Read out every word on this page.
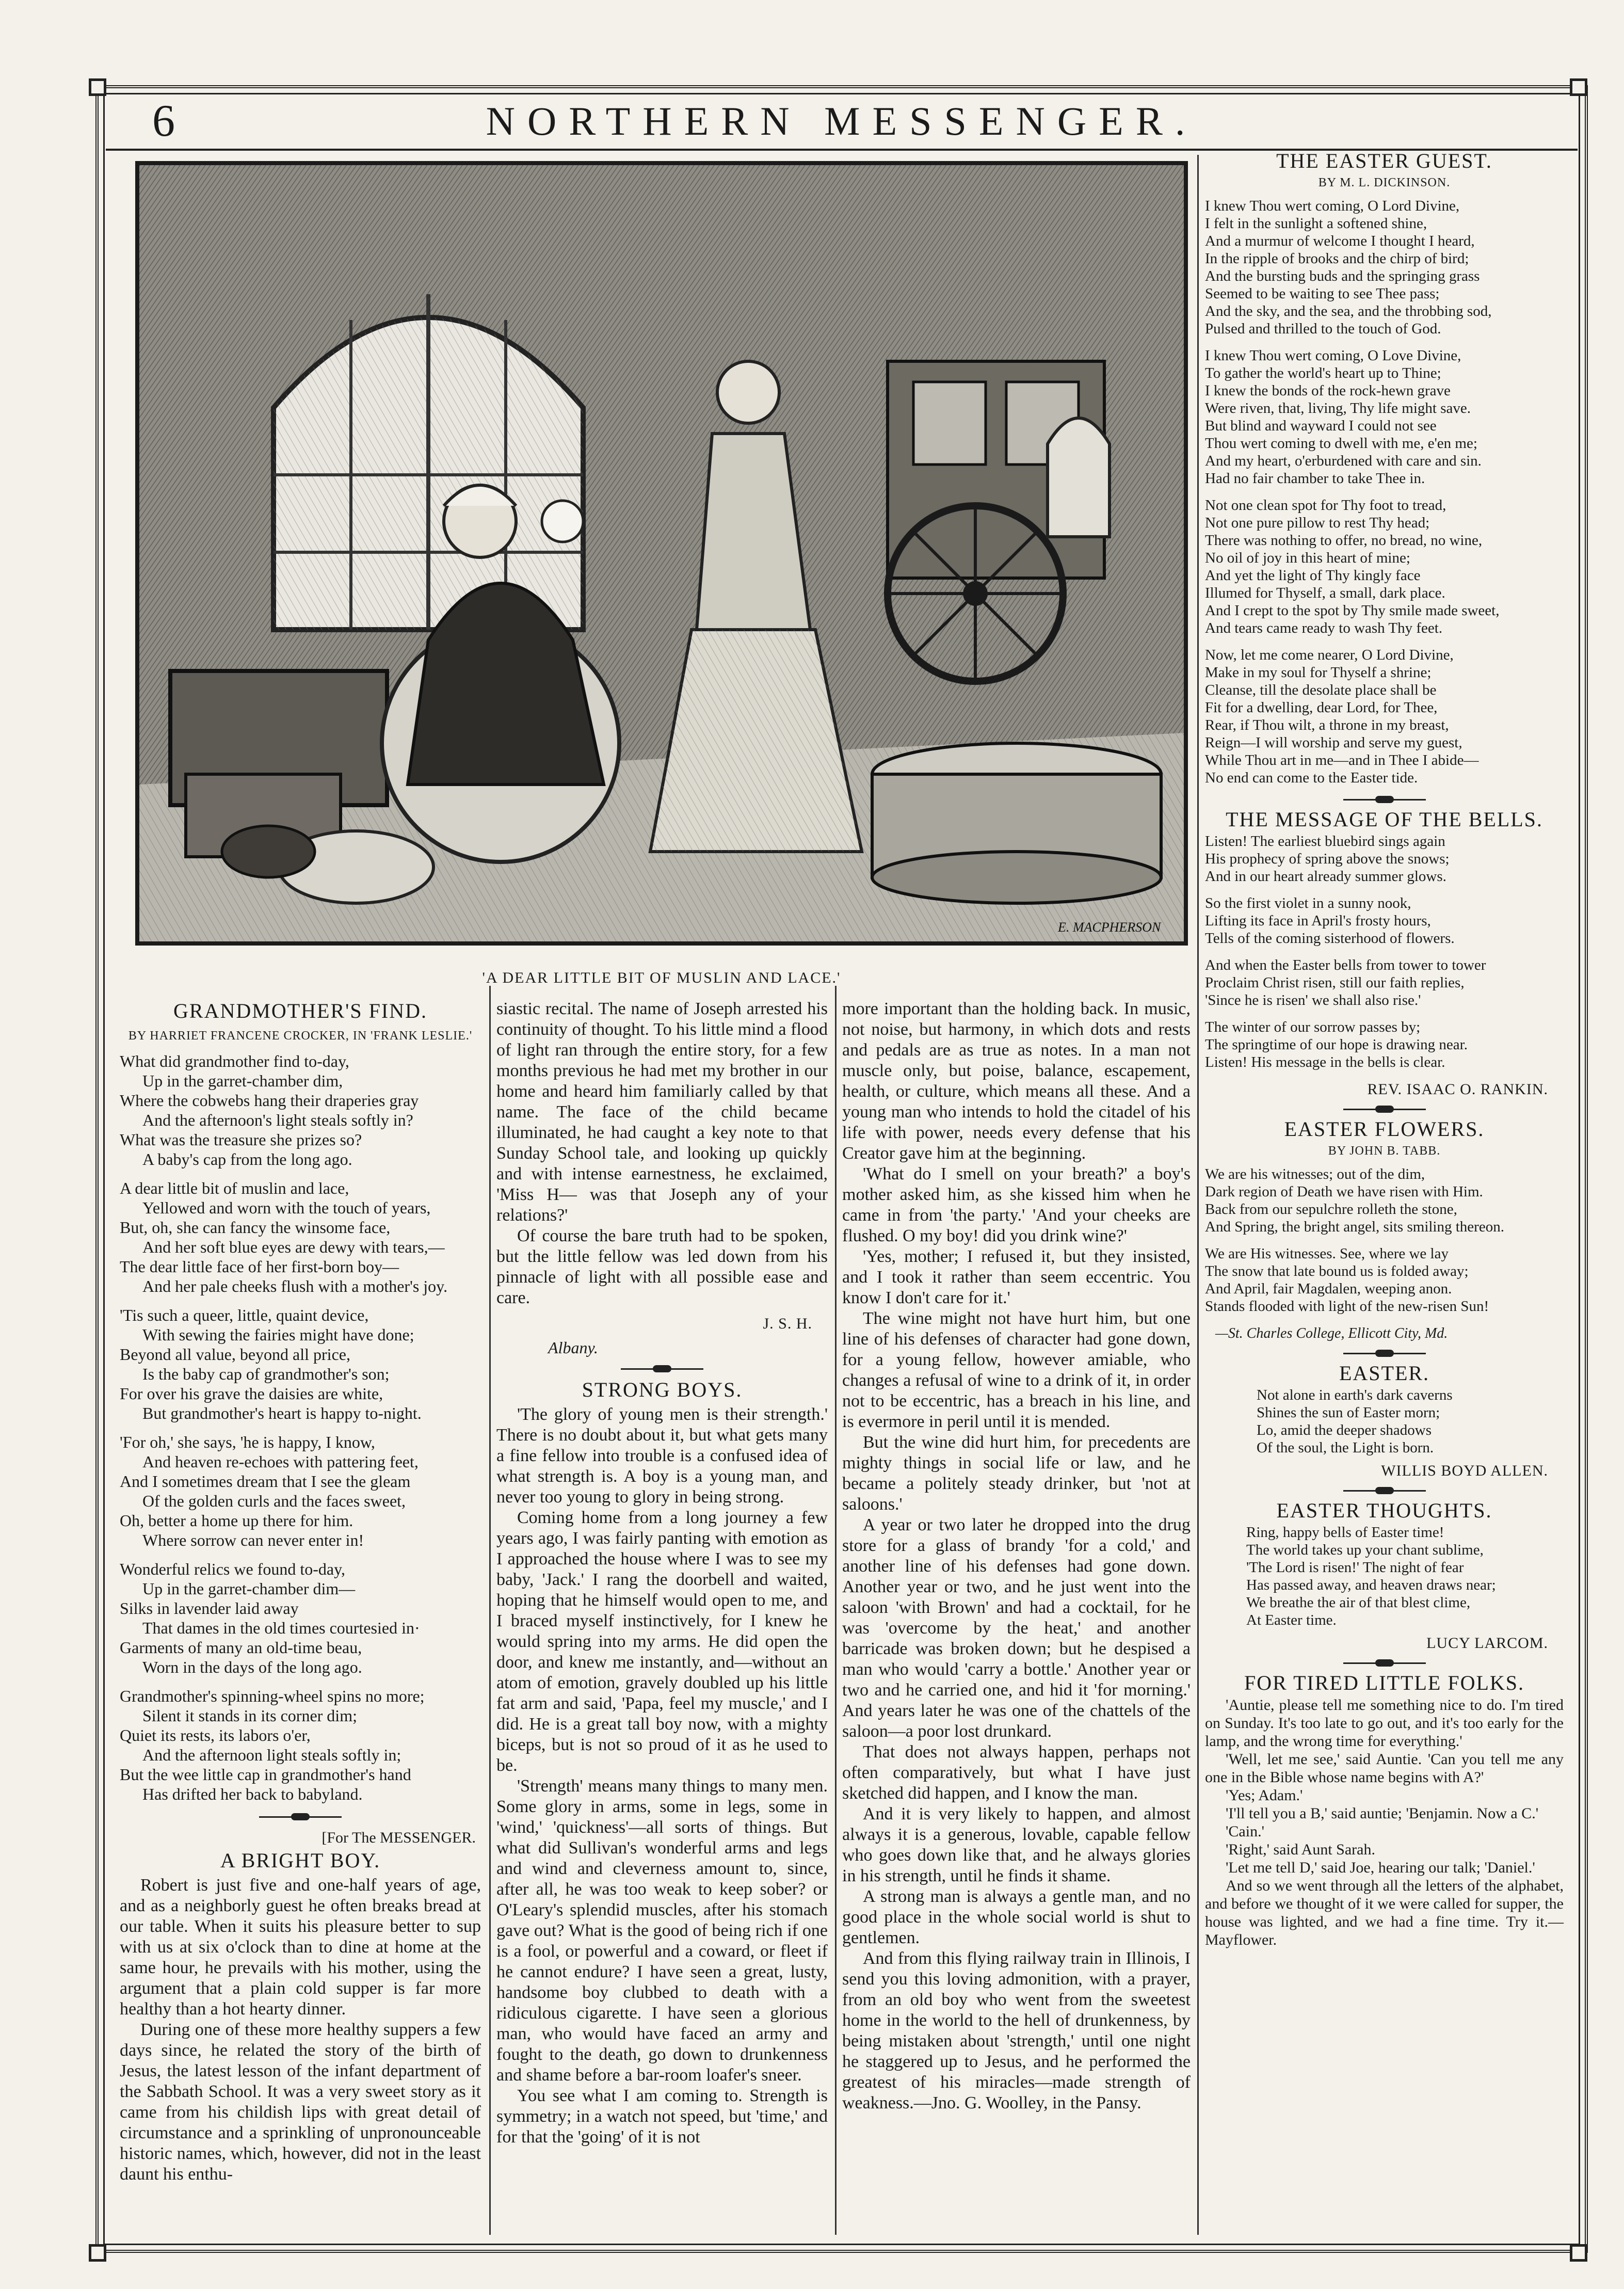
6	NORTHERN MESSENGER.
E. MACPHERSON
'A DEAR LITTLE BIT OF MUSLIN AND LACE.'
GRANDMOTHER'S FIND.
BY HARRIET FRANCENE CROCKER, IN 'FRANK LESLIE.'
What did grandmother find to-day,
Up in the garret-chamber dim,
Where the cobwebs hang their draperies gray
And the afternoon's light steals softly in?
What was the treasure she prizes so?
A baby's cap from the long ago.
A dear little bit of muslin and lace,
Yellowed and worn with the touch of years,
But, oh, she can fancy the winsome face,
And her soft blue eyes are dewy with tears,—
The dear little face of her first-born boy—
And her pale cheeks flush with a mother's joy.
'Tis such a queer, little, quaint device,
With sewing the fairies might have done;
Beyond all value, beyond all price,
Is the baby cap of grandmother's son;
For over his grave the daisies are white,
But grandmother's heart is happy to-night.
'For oh,' she says, 'he is happy, I know,
And heaven re-echoes with pattering feet,
And I sometimes dream that I see the gleam
Of the golden curls and the faces sweet,
Oh, better a home up there for him.
Where sorrow can never enter in!
Wonderful relics we found to-day,
Up in the garret-chamber dim—
Silks in lavender laid away
That dames in the old times courtesied in·
Garments of many an old-time beau,
Worn in the days of the long ago.
Grandmother's spinning-wheel spins no more;
Silent it stands in its corner dim;
Quiet its rests, its labors o'er,
And the afternoon light steals softly in;
But the wee little cap in grandmother's hand
Has drifted her back to babyland.
[For The MESSENGER.
A BRIGHT BOY.

Robert is just five and one-half years of age, and as a neighborly guest he often breaks bread at our table. When it suits his pleasure better to sup with us at six o'clock than to dine at home at the same hour, he prevails with his mother, using the argument that a plain cold supper is far more healthy than a hot hearty dinner.

During one of these more healthy suppers a few days since, he related the story of the birth of Jesus, the latest lesson of the infant department of the Sabbath School. It was a very sweet story as it came from his childish lips with great detail of circumstance and a sprinkling of unpronounceable historic names, which, however, did not in the least daunt his enthu-

siastic recital. The name of Joseph arrested his continuity of thought. To his little mind a flood of light ran through the entire story, for a few months previous he had met my brother in our home and heard him familiarly called by that name. The face of the child became illuminated, he had caught a key note to that Sunday School tale, and looking up quickly and with intense earnestness, he exclaimed, 'Miss H— was that Joseph any of your relations?'

Of course the bare truth had to be spoken, but the little fellow was led down from his pinnacle of light with all possible ease and care.

J. S. H.
Albany.
STRONG BOYS.

'The glory of young men is their strength.' There is no doubt about it, but what gets many a fine fellow into trouble is a confused idea of what strength is. A boy is a young man, and never too young to glory in being strong.

Coming home from a long journey a few years ago, I was fairly panting with emotion as I approached the house where I was to see my baby, 'Jack.' I rang the doorbell and waited, hoping that he himself would open to me, and I braced myself instinctively, for I knew he would spring into my arms. He did open the door, and knew me instantly, and—without an atom of emotion, gravely doubled up his little fat arm and said, 'Papa, feel my muscle,' and I did. He is a great tall boy now, with a mighty biceps, but is not so proud of it as he used to be.

'Strength' means many things to many men. Some glory in arms, some in legs, some in 'wind,' 'quickness'—all sorts of things. But what did Sullivan's wonderful arms and legs and wind and cleverness amount to, since, after all, he was too weak to keep sober? or O'Leary's splendid muscles, after his stomach gave out? What is the good of being rich if one is a fool, or powerful and a coward, or fleet if he cannot endure? I have seen a great, lusty, handsome boy clubbed to death with a ridiculous cigarette. I have seen a glorious man, who would have faced an army and fought to the death, go down to drunkenness and shame before a bar-room loafer's sneer.

You see what I am coming to. Strength is symmetry; in a watch not speed, but 'time,' and for that the 'going' of it is not

more important than the holding back. In music, not noise, but harmony, in which dots and rests and pedals are as true as notes. In a man not muscle only, but poise, balance, escapement, health, or culture, which means all these. And a young man who intends to hold the citadel of his life with power, needs every defense that his Creator gave him at the beginning.

'What do I smell on your breath?' a boy's mother asked him, as she kissed him when he came in from 'the party.' 'And your cheeks are flushed. O my boy! did you drink wine?'

'Yes, mother; I refused it, but they insisted, and I took it rather than seem eccentric. You know I don't care for it.'

The wine might not have hurt him, but one line of his defenses of character had gone down, for a young fellow, however amiable, who changes a refusal of wine to a drink of it, in order not to be eccentric, has a breach in his line, and is evermore in peril until it is mended.

But the wine did hurt him, for precedents are mighty things in social life or law, and he became a politely steady drinker, but 'not at saloons.'

A year or two later he dropped into the drug store for a glass of brandy 'for a cold,' and another line of his defenses had gone down. Another year or two, and he just went into the saloon 'with Brown' and had a cocktail, for he was 'overcome by the heat,' and another barricade was broken down; but he despised a man who would 'carry a bottle.' Another year or two and he carried one, and hid it 'for morning.' And years later he was one of the chattels of the saloon—a poor lost drunkard.

That does not always happen, perhaps not often comparatively, but what I have just sketched did happen, and I know the man.

And it is very likely to happen, and almost always it is a generous, lovable, capable fellow who goes down like that, and he always glories in his strength, until he finds it shame.

A strong man is always a gentle man, and no good place in the whole social world is shut to gentlemen.

And from this flying railway train in Illinois, I send you this loving admonition, with a prayer, from an old boy who went from the sweetest home in the world to the hell of drunkenness, by being mistaken about 'strength,' until one night he staggered up to Jesus, and he performed the greatest of his miracles—made strength of weakness.—Jno. G. Woolley, in the Pansy.

THE EASTER GUEST.
BY M. L. DICKINSON.
I knew Thou wert coming, O Lord Divine,
I felt in the sunlight a softened shine,
And a murmur of welcome I thought I heard,
In the ripple of brooks and the chirp of bird;
And the bursting buds and the springing grass
Seemed to be waiting to see Thee pass;
And the sky, and the sea, and the throbbing sod,
Pulsed and thrilled to the touch of God.
I knew Thou wert coming, O Love Divine,
To gather the world's heart up to Thine;
I knew the bonds of the rock-hewn grave
Were riven, that, living, Thy life might save.
But blind and wayward I could not see
Thou wert coming to dwell with me, e'en me;
And my heart, o'erburdened with care and sin.
Had no fair chamber to take Thee in.
Not one clean spot for Thy foot to tread,
Not one pure pillow to rest Thy head;
There was nothing to offer, no bread, no wine,
No oil of joy in this heart of mine;
And yet the light of Thy kingly face
Illumed for Thyself, a small, dark place.
And I crept to the spot by Thy smile made sweet,
And tears came ready to wash Thy feet.
Now, let me come nearer, O Lord Divine,
Make in my soul for Thyself a shrine;
Cleanse, till the desolate place shall be
Fit for a dwelling, dear Lord, for Thee,
Rear, if Thou wilt, a throne in my breast,
Reign—I will worship and serve my guest,
While Thou art in me—and in Thee I abide—
No end can come to the Easter tide.
THE MESSAGE OF THE BELLS.
Listen! The earliest bluebird sings again
His prophecy of spring above the snows;
And in our heart already summer glows.
So the first violet in a sunny nook,
Lifting its face in April's frosty hours,
Tells of the coming sisterhood of flowers.
And when the Easter bells from tower to tower
Proclaim Christ risen, still our faith replies,
'Since he is risen' we shall also rise.'
The winter of our sorrow passes by;
The springtime of our hope is drawing near.
Listen! His message in the bells is clear.
REV. ISAAC O. RANKIN.
EASTER FLOWERS.
BY JOHN B. TABB.
We are his witnesses; out of the dim,
Dark region of Death we have risen with Him.
Back from our sepulchre rolleth the stone,
And Spring, the bright angel, sits smiling thereon.
We are His witnesses. See, where we lay
The snow that late bound us is folded away;
And April, fair Magdalen, weeping anon.
Stands flooded with light of the new-risen Sun!
—St. Charles College, Ellicott City, Md.
EASTER.
Not alone in earth's dark caverns
Shines the sun of Easter morn;
Lo, amid the deeper shadows
Of the soul, the Light is born.
WILLIS BOYD ALLEN.
EASTER THOUGHTS.
Ring, happy bells of Easter time!
The world takes up your chant sublime,
'The Lord is risen!' The night of fear
Has passed away, and heaven draws near;
We breathe the air of that blest clime,
At Easter time.
LUCY LARCOM.
FOR TIRED LITTLE FOLKS.

'Auntie, please tell me something nice to do. I'm tired on Sunday. It's too late to go out, and it's too early for the lamp, and the wrong time for everything.'

'Well, let me see,' said Auntie. 'Can you tell me any one in the Bible whose name begins with A?'

'Yes; Adam.'

'I'll tell you a B,' said auntie; 'Benjamin. Now a C.'

'Cain.'

'Right,' said Aunt Sarah.

'Let me tell D,' said Joe, hearing our talk; 'Daniel.'

And so we went through all the letters of the alphabet, and before we thought of it we were called for supper, the house was lighted, and we had a fine time. Try it.—Mayflower.
